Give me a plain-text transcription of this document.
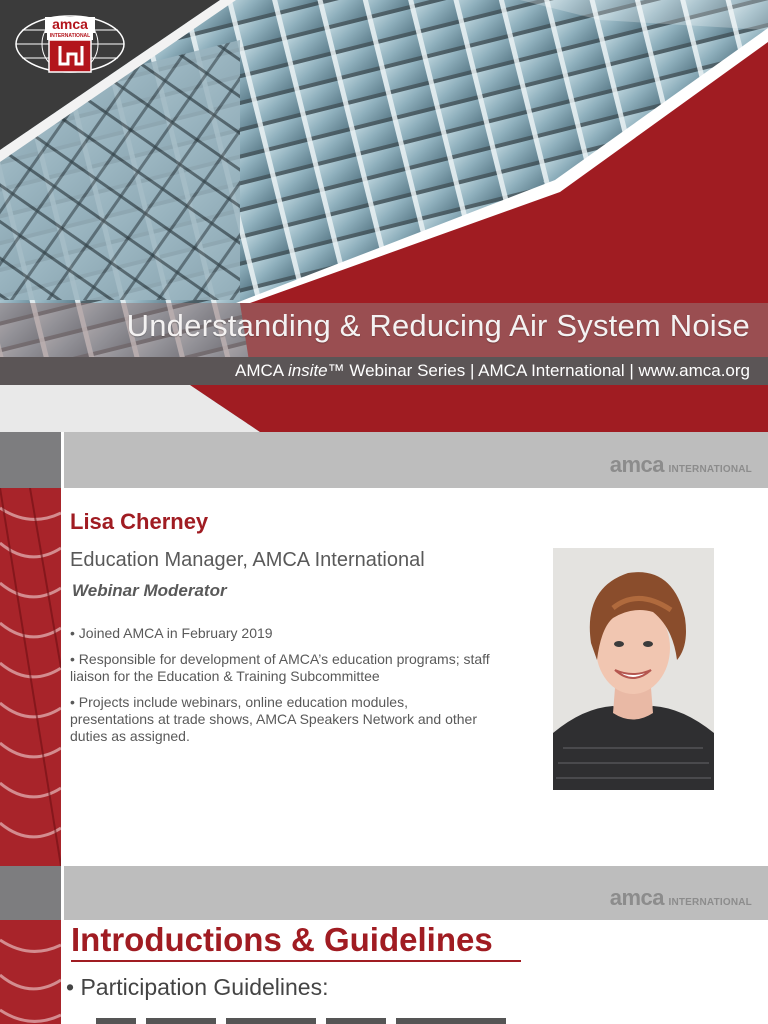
amca
INTERNATIONAL
Understanding & Reducing Air System Noise
AMCA insite™ Webinar Series | AMCA International | www.amca.org
amca INTERNATIONAL
Lisa Cherney
Education Manager, AMCA International
Webinar Moderator
• Joined AMCA in February 2019
• Responsible for development of AMCA’s education programs; staff liaison for the Education & Training Subcommittee
• Projects include webinars, online education modules, presentations at trade shows, AMCA Speakers Network and other duties as assigned.
amca INTERNATIONAL
Introductions & Guidelines
• Participation Guidelines:
